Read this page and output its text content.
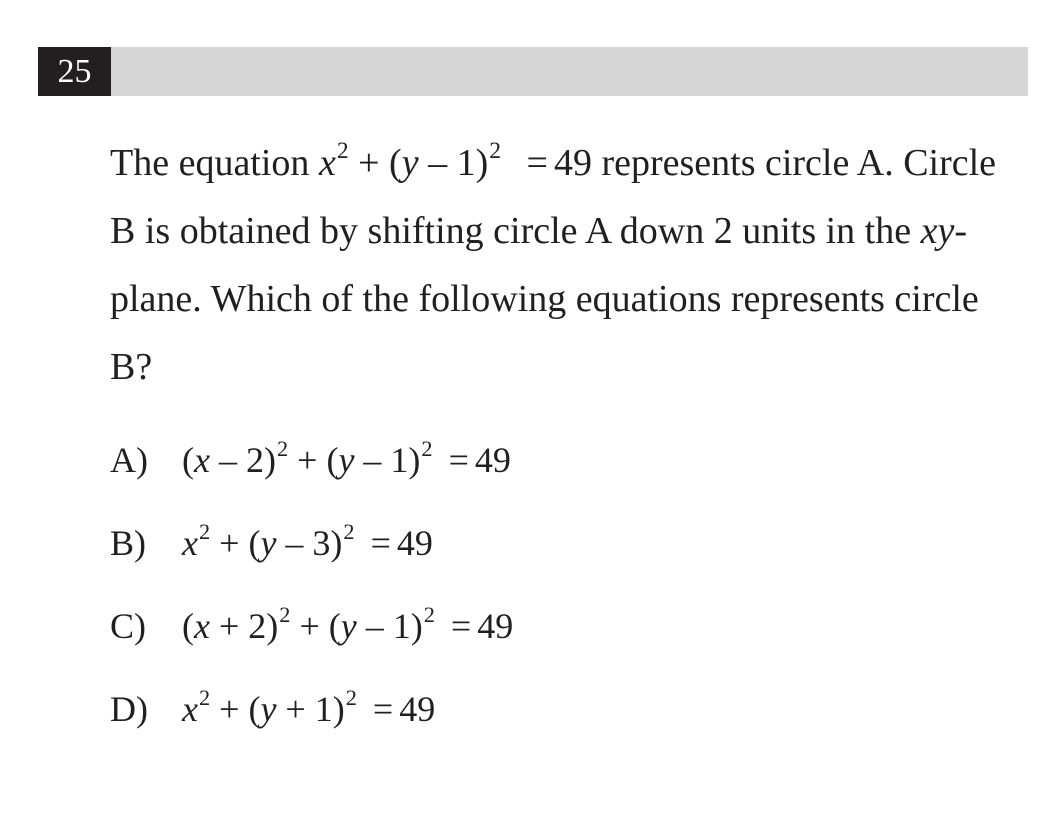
25

The equation $x^2 + (y - 1)^2 = 49$ represents circle A. Circle B is obtained by shifting circle A down 2 units in the xy-plane. Which of the following equations represents circle B?

A) (x – 2)$^2$ + (y – 1)$^2$ = 49
B) $x^2 + (y - 3)^2 = 49$
C) $(x + 2)^2 + (y - 1)^2 = 49$
D) $x^2 + (y + 1)^2 = 49$
